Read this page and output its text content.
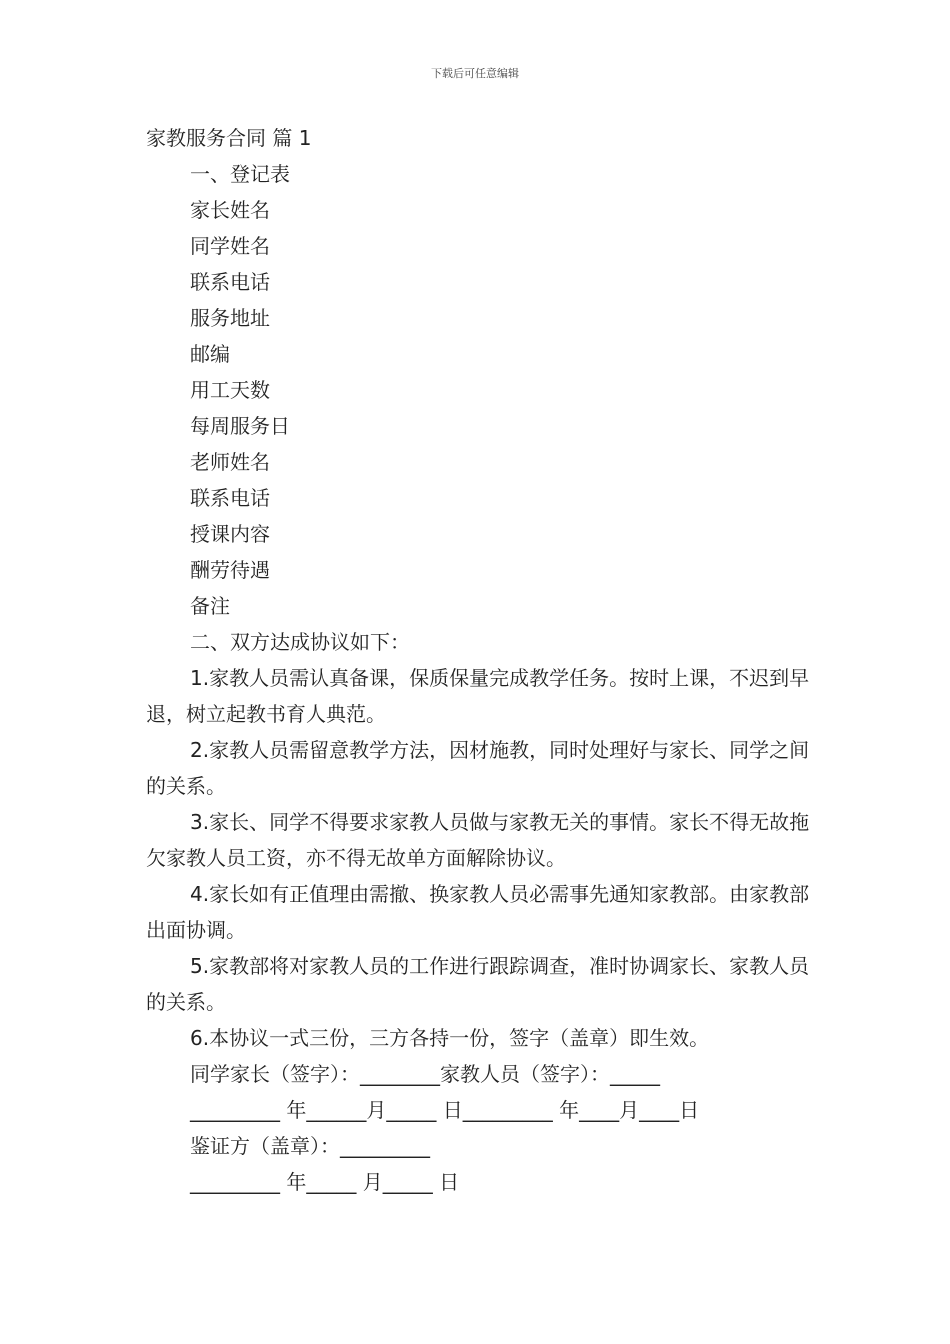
下载后可任意编辑
家教服务合同 篇 1
一、登记表
家长姓名
同学姓名
联系电话
服务地址
邮编
用工天数
每周服务日
老师姓名
联系电话
授课内容
酬劳待遇
备注
二、双方达成协议如下：
1.家教人员需认真备课，保质保量完成教学任务。按时上课，不迟到早退，树立起教书育人典范。
2.家教人员需留意教学方法，因材施教，同时处理好与家长、同学之间的关系。
3.家长、同学不得要求家教人员做与家教无关的事情。家长不得无故拖欠家教人员工资，亦不得无故单方面解除协议。
4.家长如有正值理由需撤、换家教人员必需事先通知家教部。由家教部出面协调。
5.家教部将对家教人员的工作进行跟踪调查，准时协调家长、家教人员的关系。
6.本协议一式三份，三方各持一份，签字（盖章）即生效。
同学家长（签字）：________家教人员（签字）：_____
_________ 年______月_____ 日_________ 年____月____日
鉴证方（盖章）：_________
_________ 年_____ 月_____ 日
